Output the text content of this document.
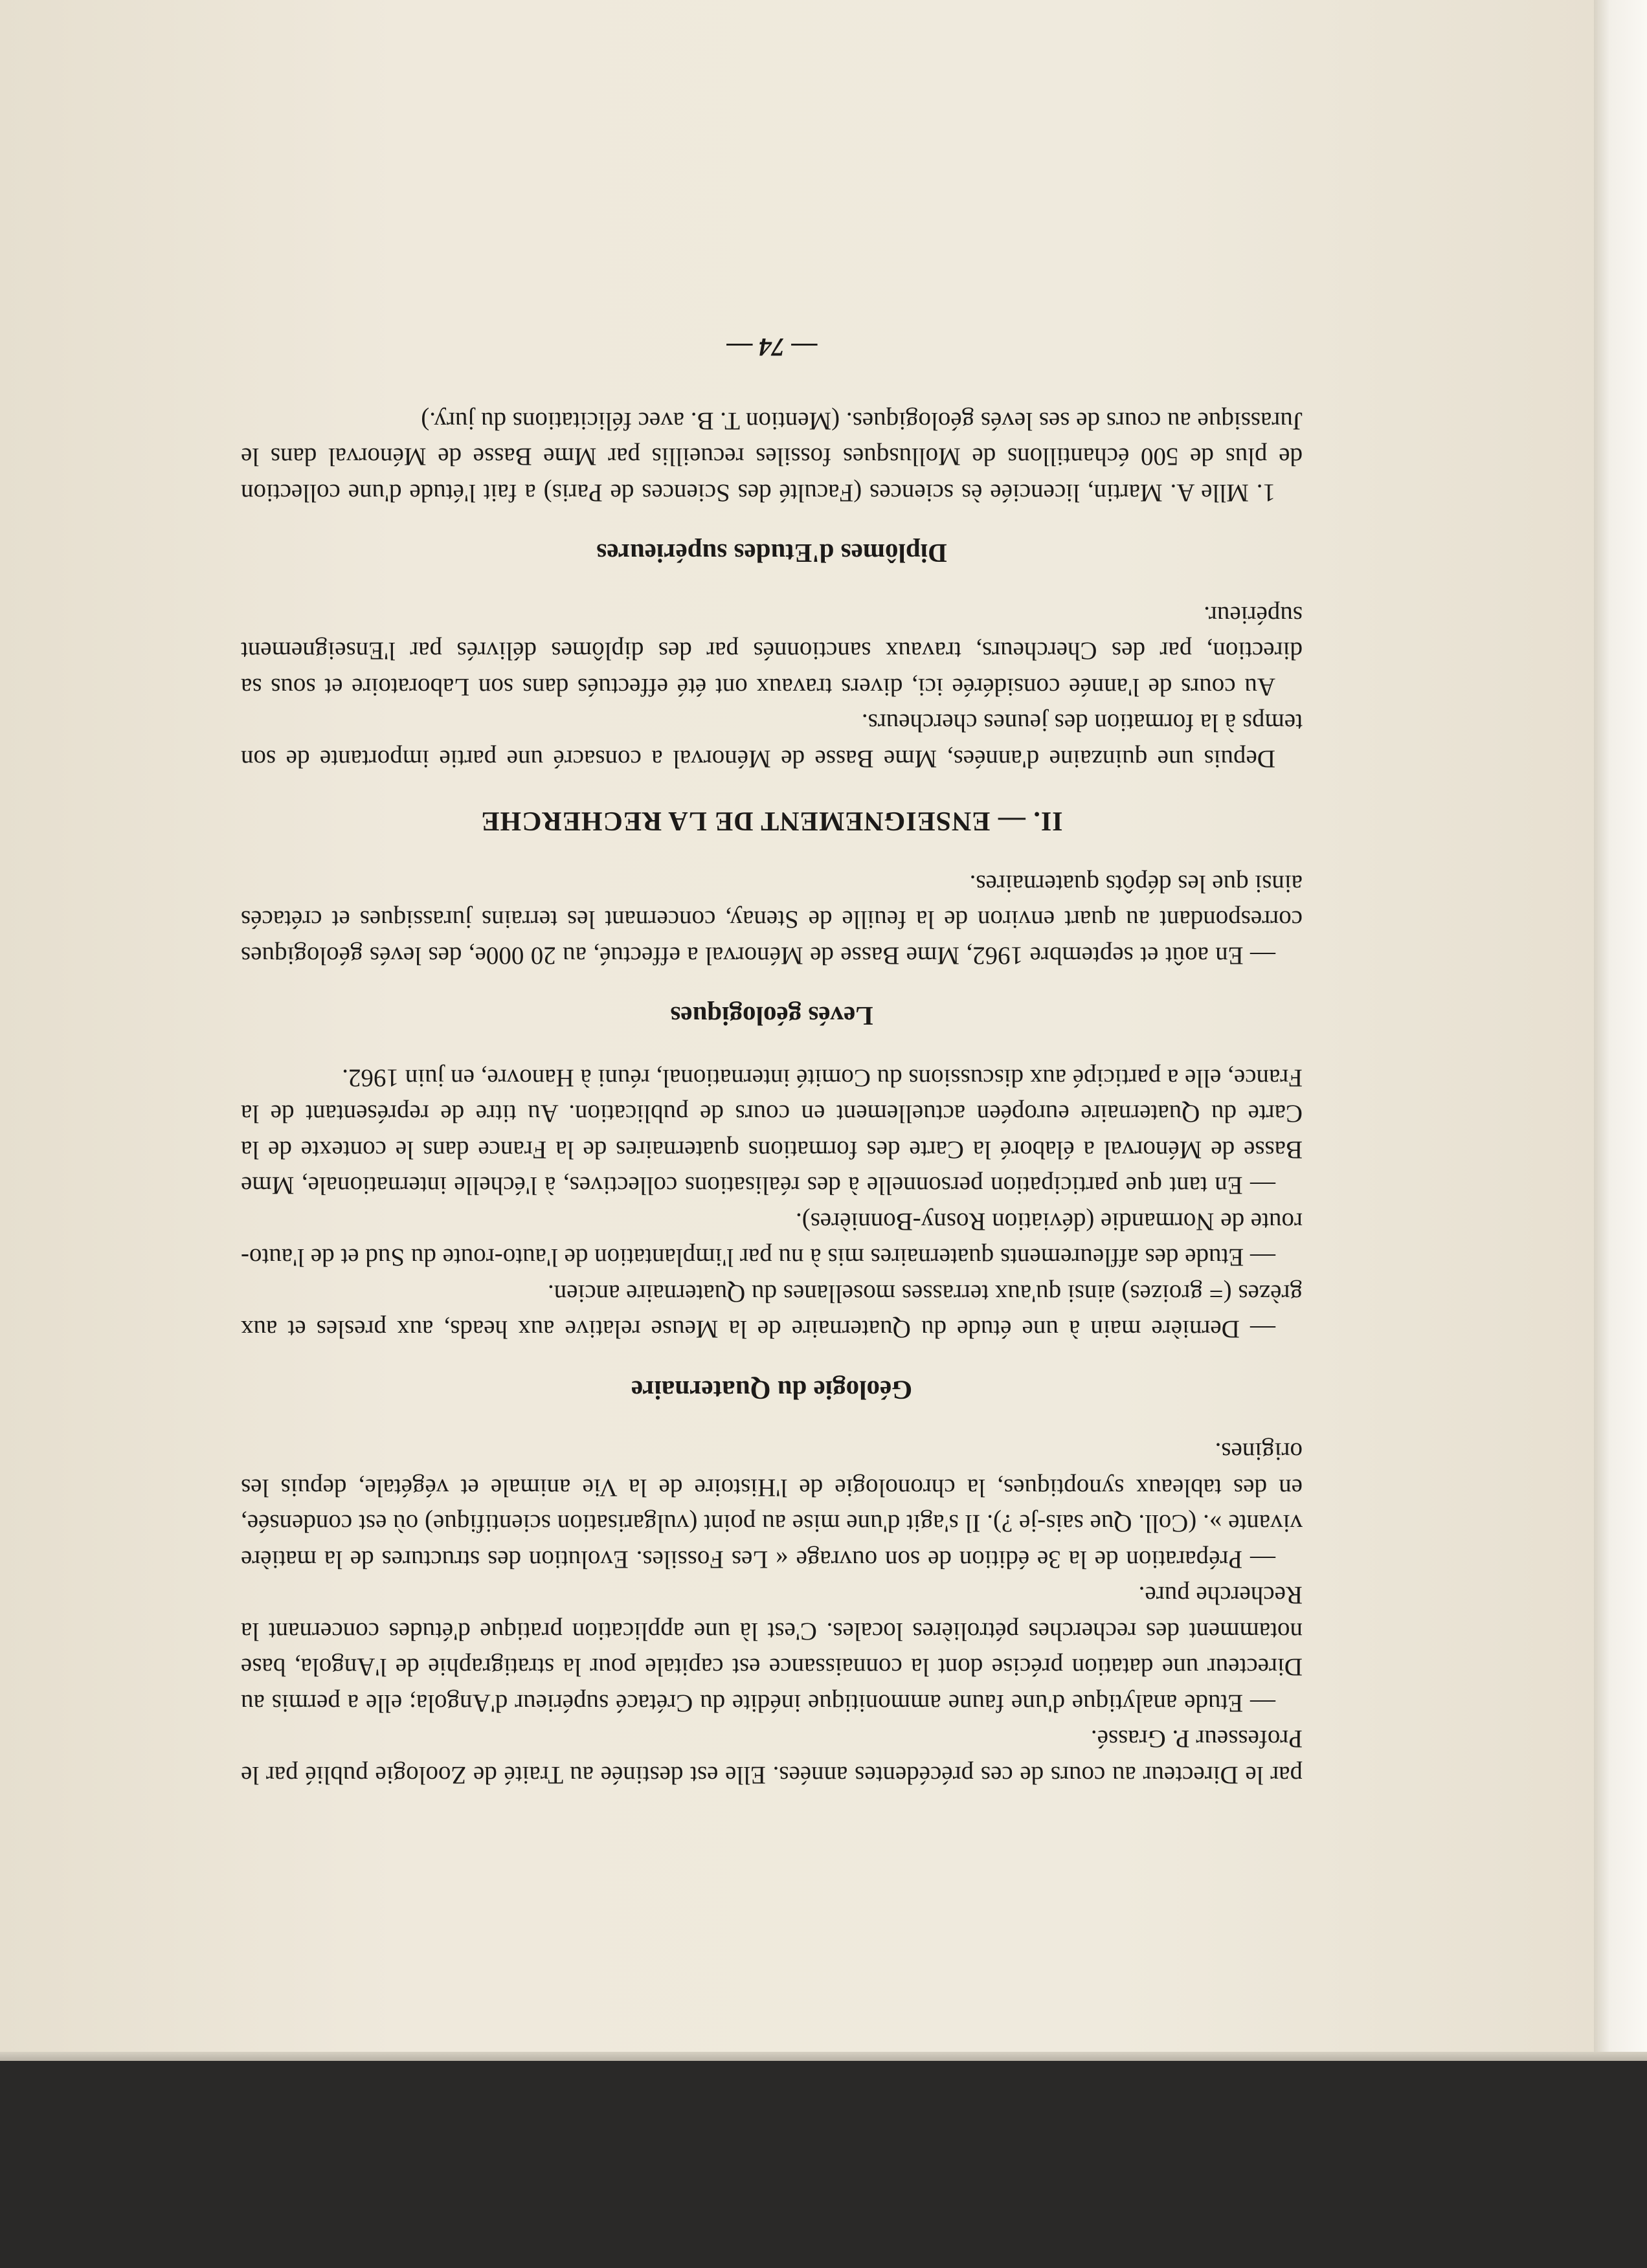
par le Directeur au cours de ces précédentes années. Elle est destinée au Traité de Zoologie publié par le Professeur P. Grassé.

— Etude analytique d'une faune ammonitique inédite du Crétacé supérieur d'Angola; elle a permis au Directeur une datation précise dont la connaissance est capitale pour la stratigraphie de l'Angola, base notamment des recherches pétrolières locales. C'est là une application pratique d'études concernant la Recherche pure.

— Préparation de la 3e édition de son ouvrage « Les Fossiles. Evolution des structures de la matière vivante ». (Coll. Que sais-je ?). Il s'agit d'une mise au point (vulgarisation scientifique) où est condensée, en des tableaux synoptiques, la chronologie de l'Histoire de la Vie animale et végétale, depuis les origines.

Géologie du Quaternaire

— Dernière main à une étude du Quaternaire de la Meuse relative aux heads, aux presles et aux grèzes (= groizes) ainsi qu'aux terrasses mosellanes du Quaternaire ancien.

— Etude des affleurements quaternaires mis à nu par l'implantation de l'auto-route du Sud et de l'auto-route de Normandie (déviation Rosny-Bonnières).

— En tant que participation personnelle à des réalisations collectives, à l'échelle internationale, Mme Basse de Ménorval a élaboré la Carte des formations quaternaires de la France dans le contexte de la Carte du Quaternaire européen actuellement en cours de publication. Au titre de représentant de la France, elle a participé aux discussions du Comité international, réuni à Hanovre, en juin 1962.

Levés géologiques

— En août et septembre 1962, Mme Basse de Ménorval a effectué, au 20 000e, des levés géologiques correspondant au quart environ de la feuille de Stenay, concernant les terrains jurassiques et crétacés ainsi que les dépôts quaternaires.

II. — ENSEIGNEMENT DE LA RECHERCHE

Depuis une quinzaine d'années, Mme Basse de Ménorval a consacré une partie importante de son temps à la formation des jeunes chercheurs.

Au cours de l'année considérée ici, divers travaux ont été effectués dans son Laboratoire et sous sa direction, par des Chercheurs, travaux sanctionnés par des diplômes délivrés par l'Enseignement supérieur.

Diplômes d'Etudes supérieures

1. Mlle A. Martin, licenciée ès sciences (Faculté des Sciences de Paris) a fait l'étude d'une collection de plus de 500 échantillons de Mollusques fossiles recueillis par Mme Basse de Ménorval dans le Jurassique au cours de ses levés géologiques. (Mention T. B. avec félicitations du jury.)

— 74 —
